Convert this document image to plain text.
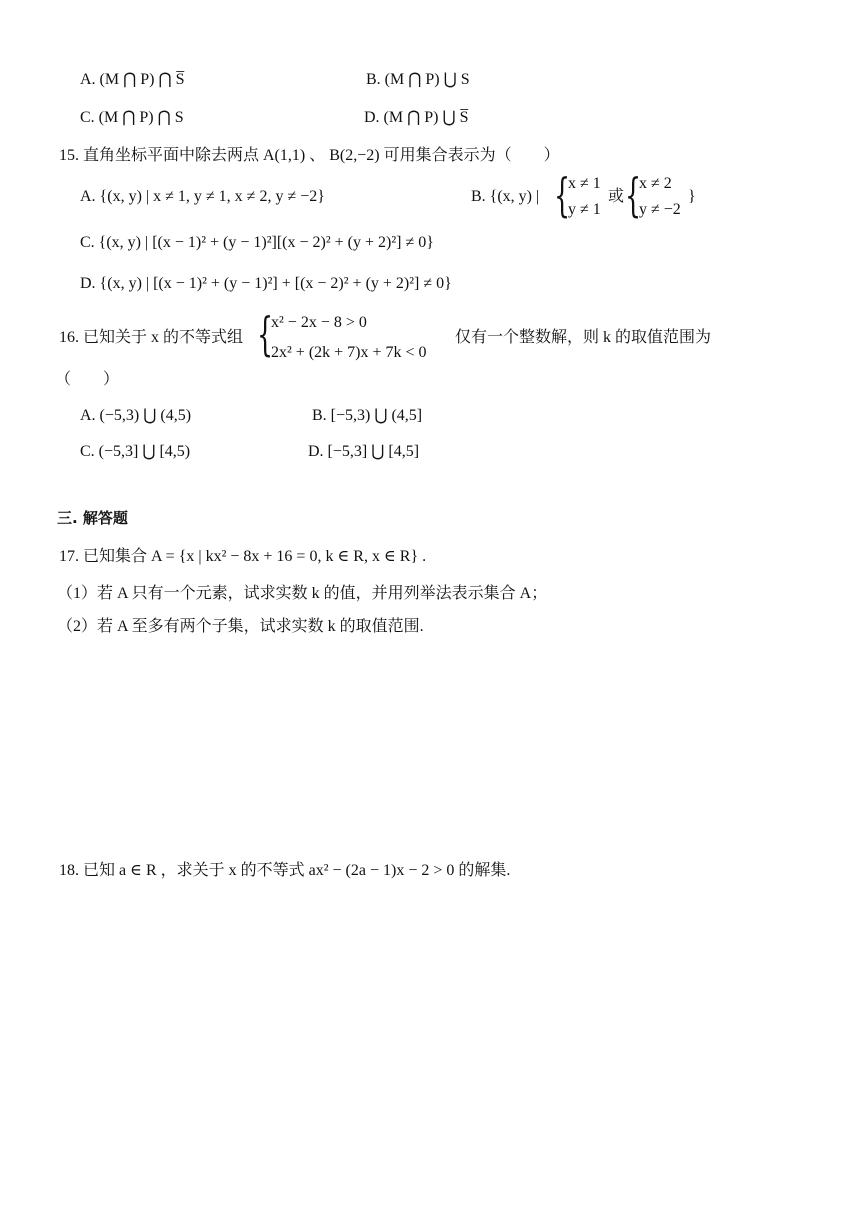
A. (M ⋂ P) ⋂ S̅	B. (M ⋂ P) ⋃ S
C. (M ⋂ P) ⋂ S	D. (M ⋂ P) ⋃ S̅
15. 直角坐标平面中除去两点 A(1,1) 、 B(2,−2) 可用集合表示为（　　）
A. {(x, y) | x ≠ 1, y ≠ 1, x ≠ 2, y ≠ −2}	B. {(x, y) | {
x ≠ 1
y ≠ 1
或 {
x ≠ 2
y ≠ −2
}
C. {(x, y) | [(x − 1)² + (y − 1)²][(x − 2)² + (y + 2)²] ≠ 0}
D. {(x, y) | [(x − 1)² + (y − 1)²] + [(x − 2)² + (y + 2)²] ≠ 0}
16. 已知关于 x 的不等式组 {
x² − 2x − 8 > 0
2x² + (2k + 7)x + 7k < 0
仅有一个整数解，则 k 的取值范围为
（　　）
A. (−5,3) ⋃ (4,5)	B. [−5,3) ⋃ (4,5]
C. (−5,3] ⋃ [4,5)	D. [−5,3] ⋃ [4,5]
三. 解答题
17. 已知集合 A = {x | kx² − 8x + 16 = 0, k ∈ R, x ∈ R} .
（1）若 A 只有一个元素，试求实数 k 的值，并用列举法表示集合 A；
（2）若 A 至多有两个子集，试求实数 k 的取值范围.
18. 已知 a ∈ R ，求关于 x 的不等式 ax² − (2a − 1)x − 2 > 0 的解集.
